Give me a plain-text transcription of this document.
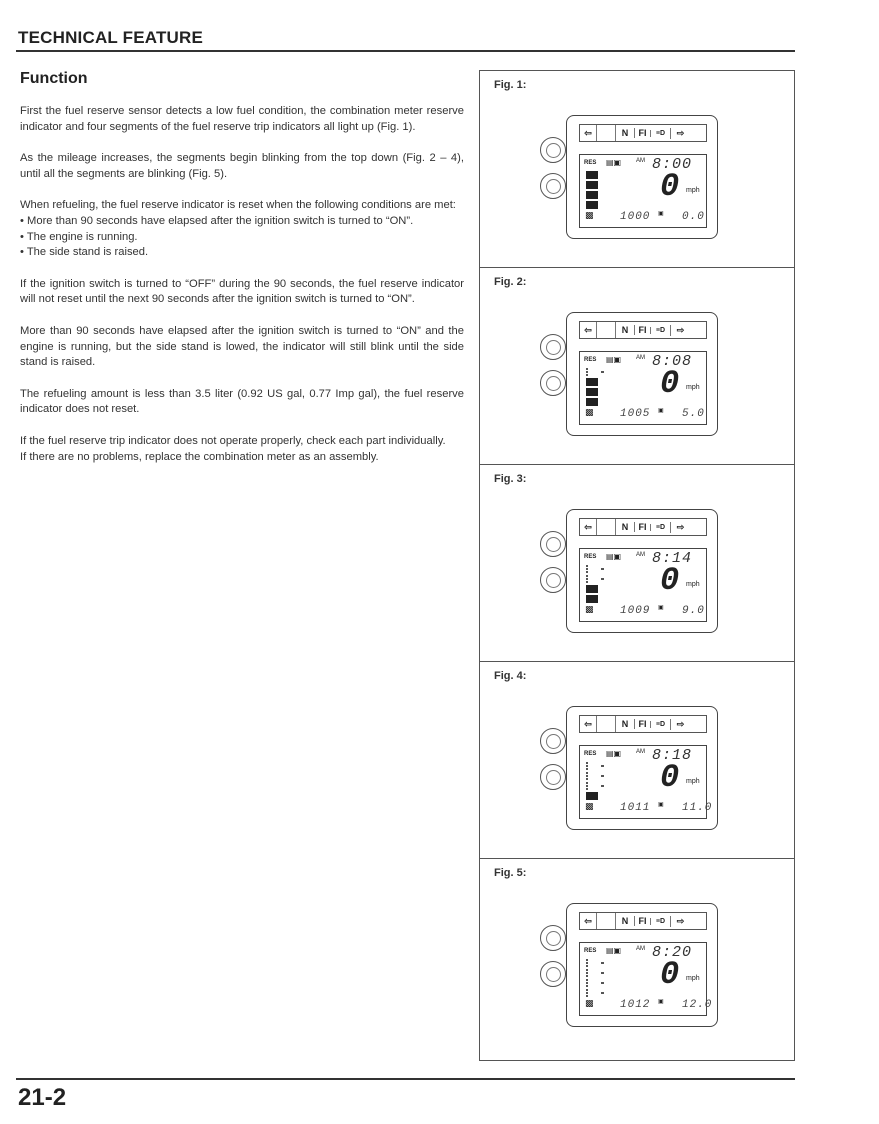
TECHNICAL FEATURE
Function

First the fuel reserve sensor detects a low fuel condition, the combination meter reserve indicator and four segments of the fuel reserve trip indicators all light up (Fig. 1).

As the mileage increases, the segments begin blinking from the top down (Fig. 2 – 4), until all the segments are blinking (Fig. 5).

When refueling, the fuel reserve indicator is reset when the following conditions are met:

• More than 90 seconds have elapsed after the ignition switch is turned to “ON”.
• The engine is running.
• The side stand is raised.

If the ignition switch is turned to “OFF” during the 90 seconds, the fuel reserve indicator will not reset until the next 90 seconds after the ignition switch is turned to “ON”.

More than 90 seconds have elapsed after the ignition switch is turned to “ON” and the engine is running, but the side stand is lowed, the indicator will still blink until the side stand is raised.

The refueling amount is less than 3.5 liter (0.92 US gal, 0.77 Imp gal), the fuel reserve indicator does not reset.

If the fuel reserve trip indicator does not operate properly, check each part individually.

If there are no problems, replace the combination meter as an assembly.

Fig. 1:
⇦	N	FI	≡D	⇨
RES ▤▣ AM 8:00
0 mph
▩ 1000 ▣ 0.0
Fig. 2:
⇦	N	FI	≡D	⇨
RES ▤▣ AM 8:08
0 mph
▩ 1005 ▣ 5.0
Fig. 3:
⇦	N	FI	≡D	⇨
RES ▤▣ AM 8:14
0 mph
▩ 1009 ▣ 9.0
Fig. 4:
⇦	N	FI	≡D	⇨
RES ▤▣ AM 8:18
0 mph
▩ 1011 ▣ 11.0
Fig. 5:
⇦	N	FI	≡D	⇨
RES ▤▣ AM 8:20
0 mph
▩ 1012 ▣ 12.0
21-2
